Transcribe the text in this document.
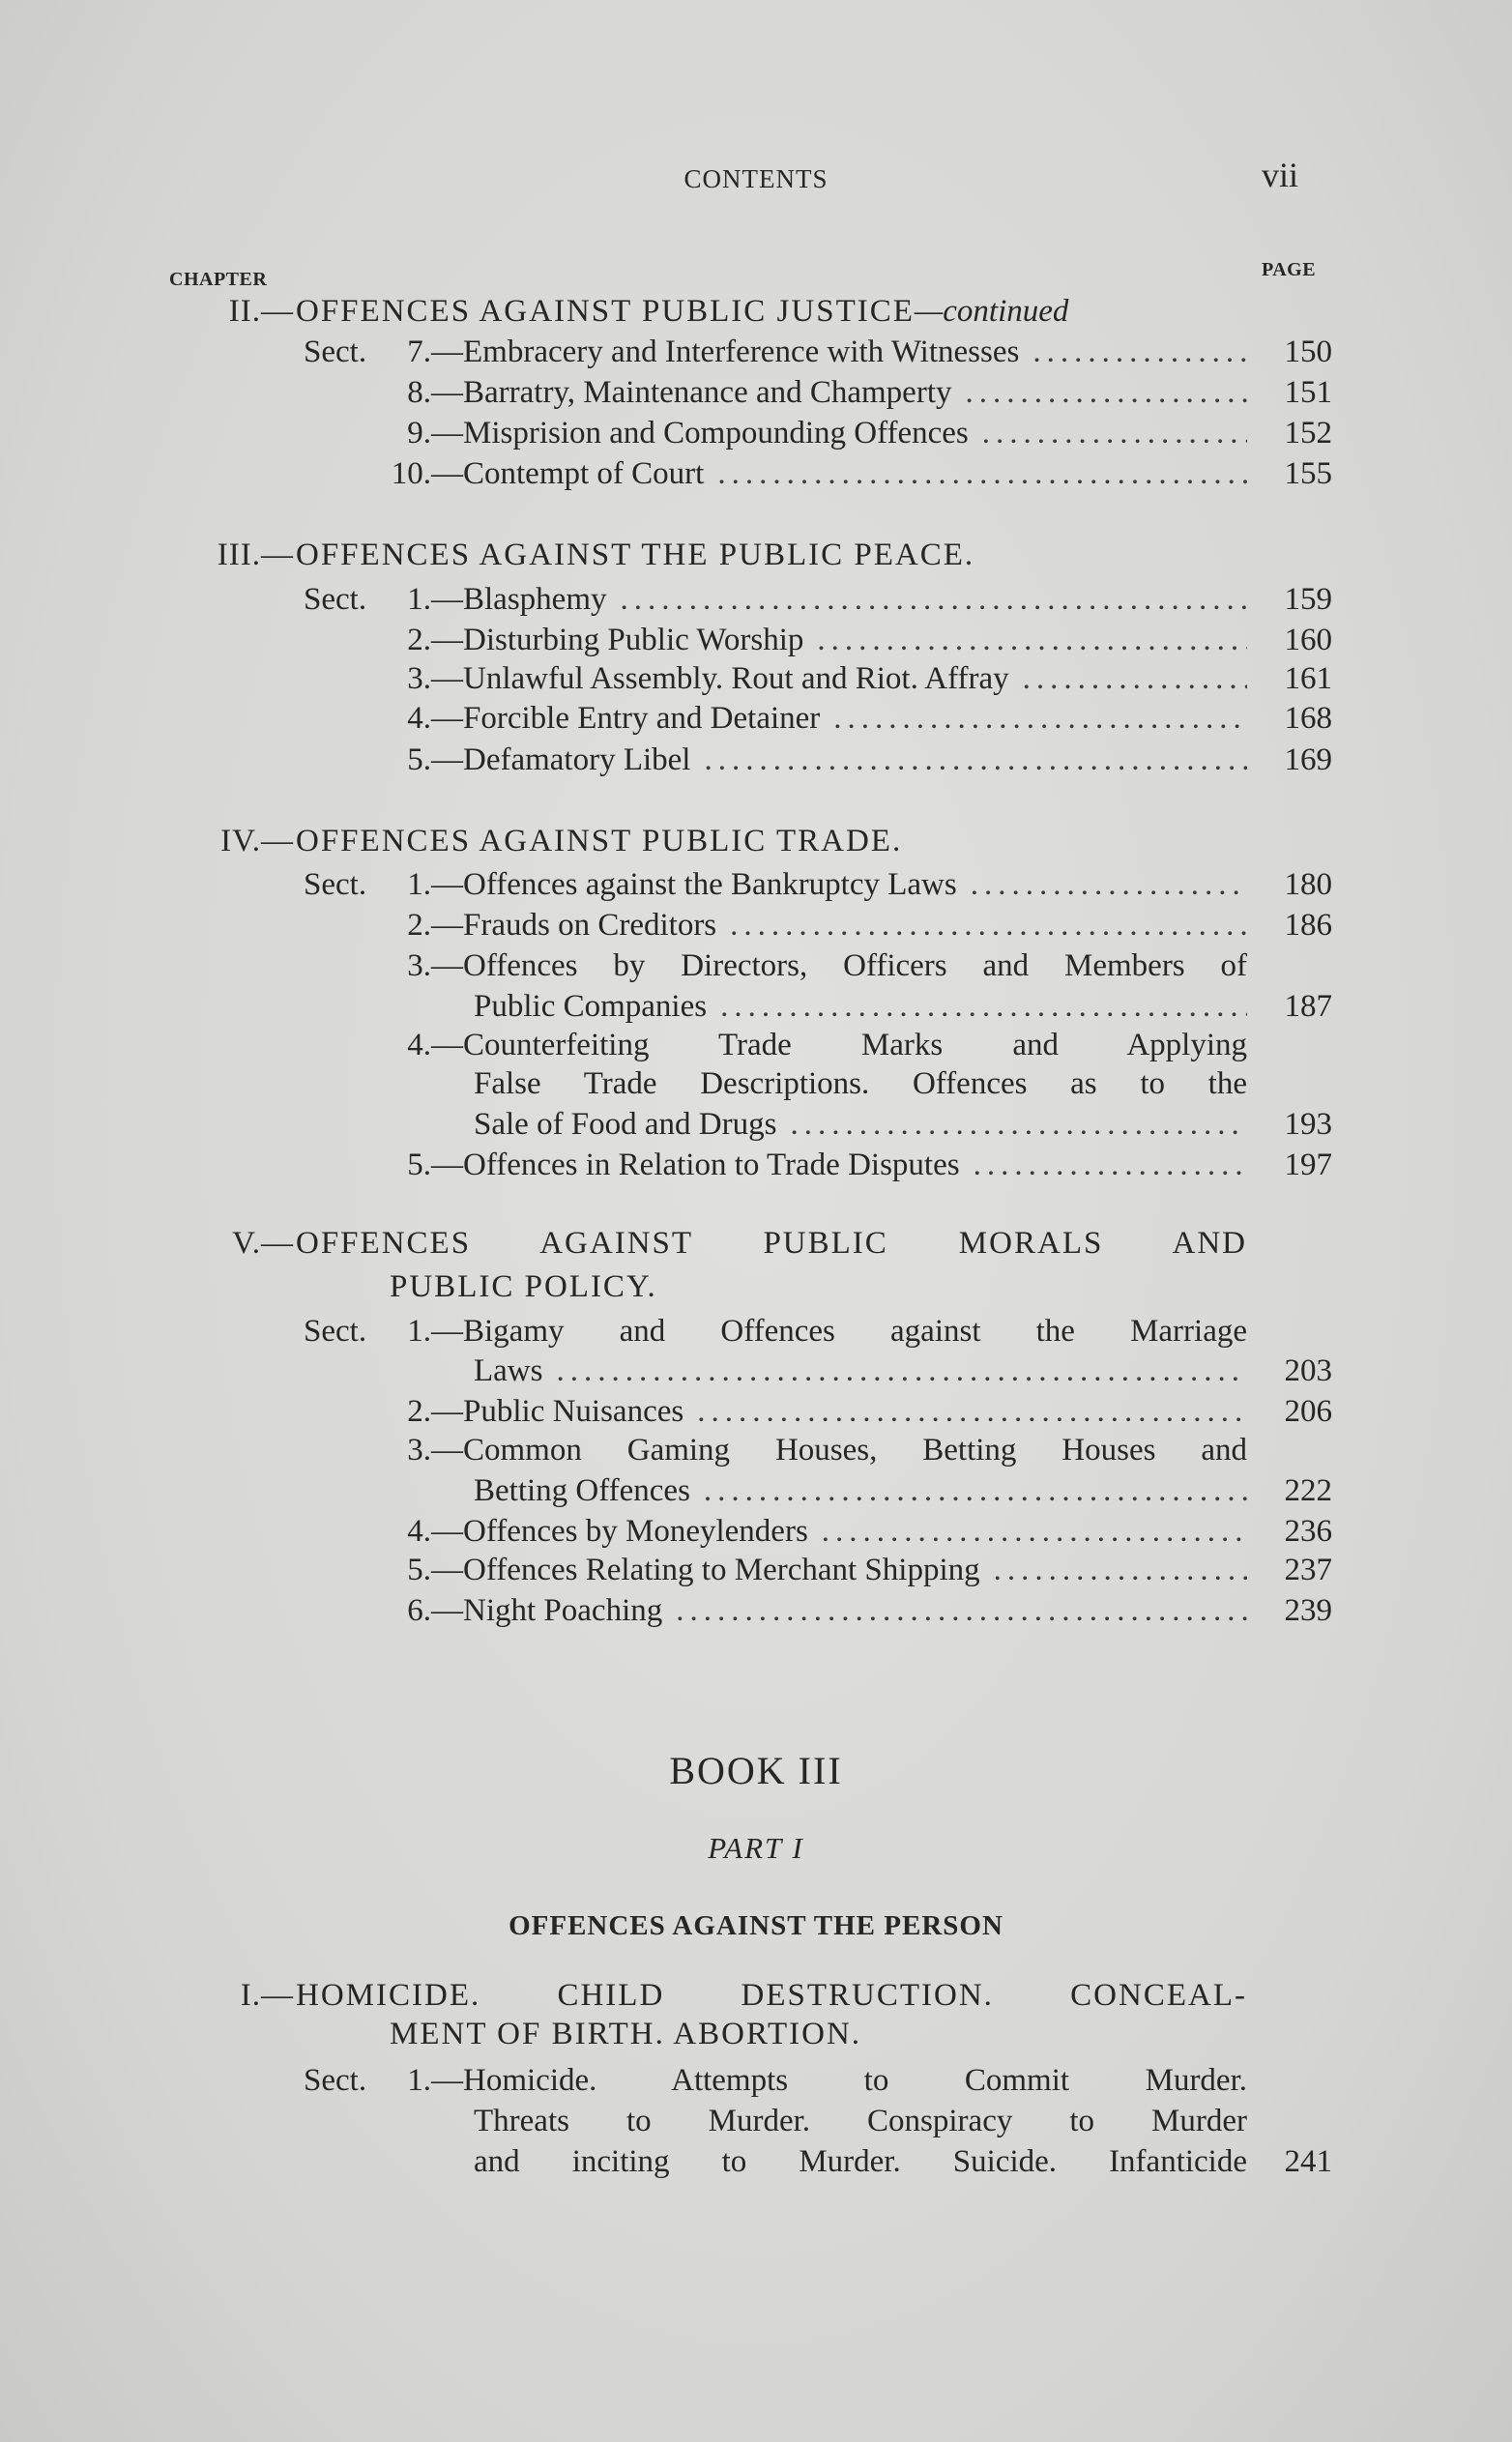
CONTENTS	vii
CHAPTER	PAGE
II.— OFFENCES AGAINST PUBLIC JUSTICE—continued
Sect.	7. —Embracery and Interference with Witnesses .....	150
8. —Barratry, Maintenance and Champerty .....	151
9. —Misprision and Compounding Offences .....	152
10. —Contempt of Court .....	155
III.— OFFENCES AGAINST THE PUBLIC PEACE.
Sect.	1. —Blasphemy .....	159
2. —Disturbing Public Worship .....	160
3. —Unlawful Assembly. Rout and Riot. Affray .....	161
4. —Forcible Entry and Detainer .....	168
5. —Defamatory Libel .....	169
IV.— OFFENCES AGAINST PUBLIC TRADE.
Sect.	1. —Offences against the Bankruptcy Laws .....	180
2. —Frauds on Creditors .....	186
3. —Offences by Directors, Officers and Members of
Public Companies .....	187
4. —Counterfeiting Trade Marks and Applying
False Trade Descriptions. Offences as to the
Sale of Food and Drugs .....	193
5. —Offences in Relation to Trade Disputes .....	197
V.— OFFENCES AGAINST PUBLIC MORALS AND
PUBLIC POLICY.
Sect.	1. —Bigamy and Offences against the Marriage
Laws .....	203
2. —Public Nuisances .....	206
3. —Common Gaming Houses, Betting Houses and
Betting Offences .....	222
4. —Offences by Moneylenders .....	236
5. —Offences Relating to Merchant Shipping .....	237
6. —Night Poaching .....	239
BOOK III
PART I
OFFENCES AGAINST THE PERSON
I.— HOMICIDE. CHILD DESTRUCTION. CONCEAL-
MENT OF BIRTH. ABORTION.
Sect.	1. —Homicide. Attempts to Commit Murder.
Threats to Murder. Conspiracy to Murder
and inciting to Murder. Suicide. Infanticide	241
